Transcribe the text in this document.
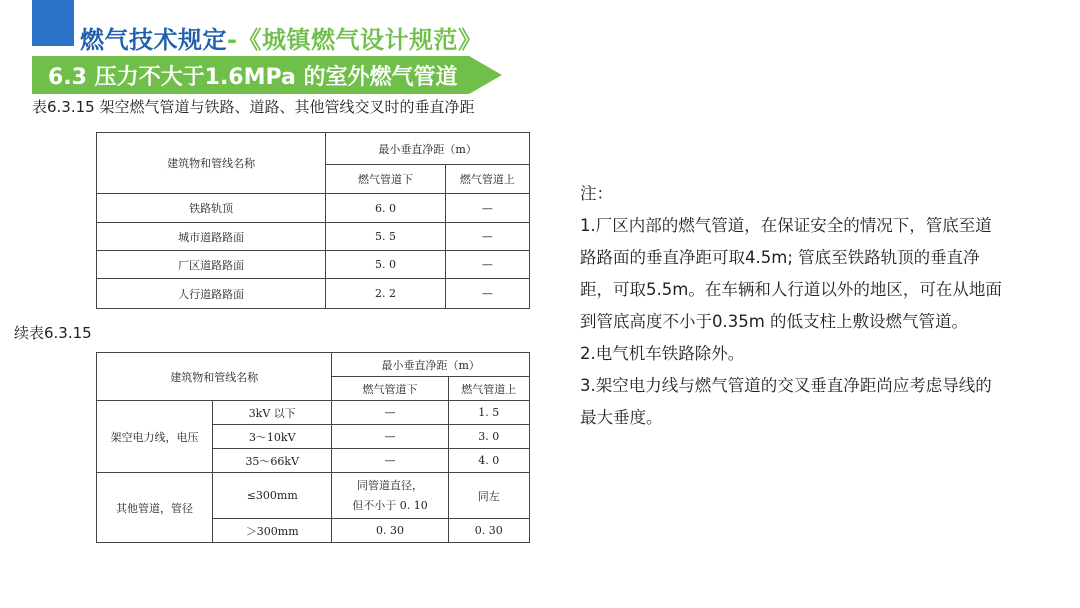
燃气技术规定-《城镇燃气设计规范》
6.3 压力不大于1.6MPa 的室外燃气管道
表6.3.15 架空燃气管道与铁路、道路、其他管线交叉时的垂直净距
建筑物和管线名称	最小垂直净距（m）	
	燃气管道下	燃气管道上
铁路轨顶	6. 0	—
城市道路路面	5. 5	—
厂区道路路面	5. 0	—
人行道路路面	2. 2	—
续表6.3.15
建筑物和管线名称		最小垂直净距（m）	
		燃气管道下	燃气管道上
架空电力线，电压	3kV 以下	—	1. 5
	3～10kV	—	3. 0
	35～66kV	—	4. 0
其他管道，管径	≤300mm	同管道直径，
但不小于 0. 10	同左
	＞300mm	0. 30	0. 30

注：

1.厂区内部的燃气管道，在保证安全的情况下，管底至道路路面的垂直净距可取4.5m; 管底至铁路轨顶的垂直净距，可取5.5m。在车辆和人行道以外的地区，可在从地面到管底高度不小于0.35m 的低支柱上敷设燃气管道。

2.电气机车铁路除外。

3.架空电力线与燃气管道的交叉垂直净距尚应考虑导线的最大垂度。
